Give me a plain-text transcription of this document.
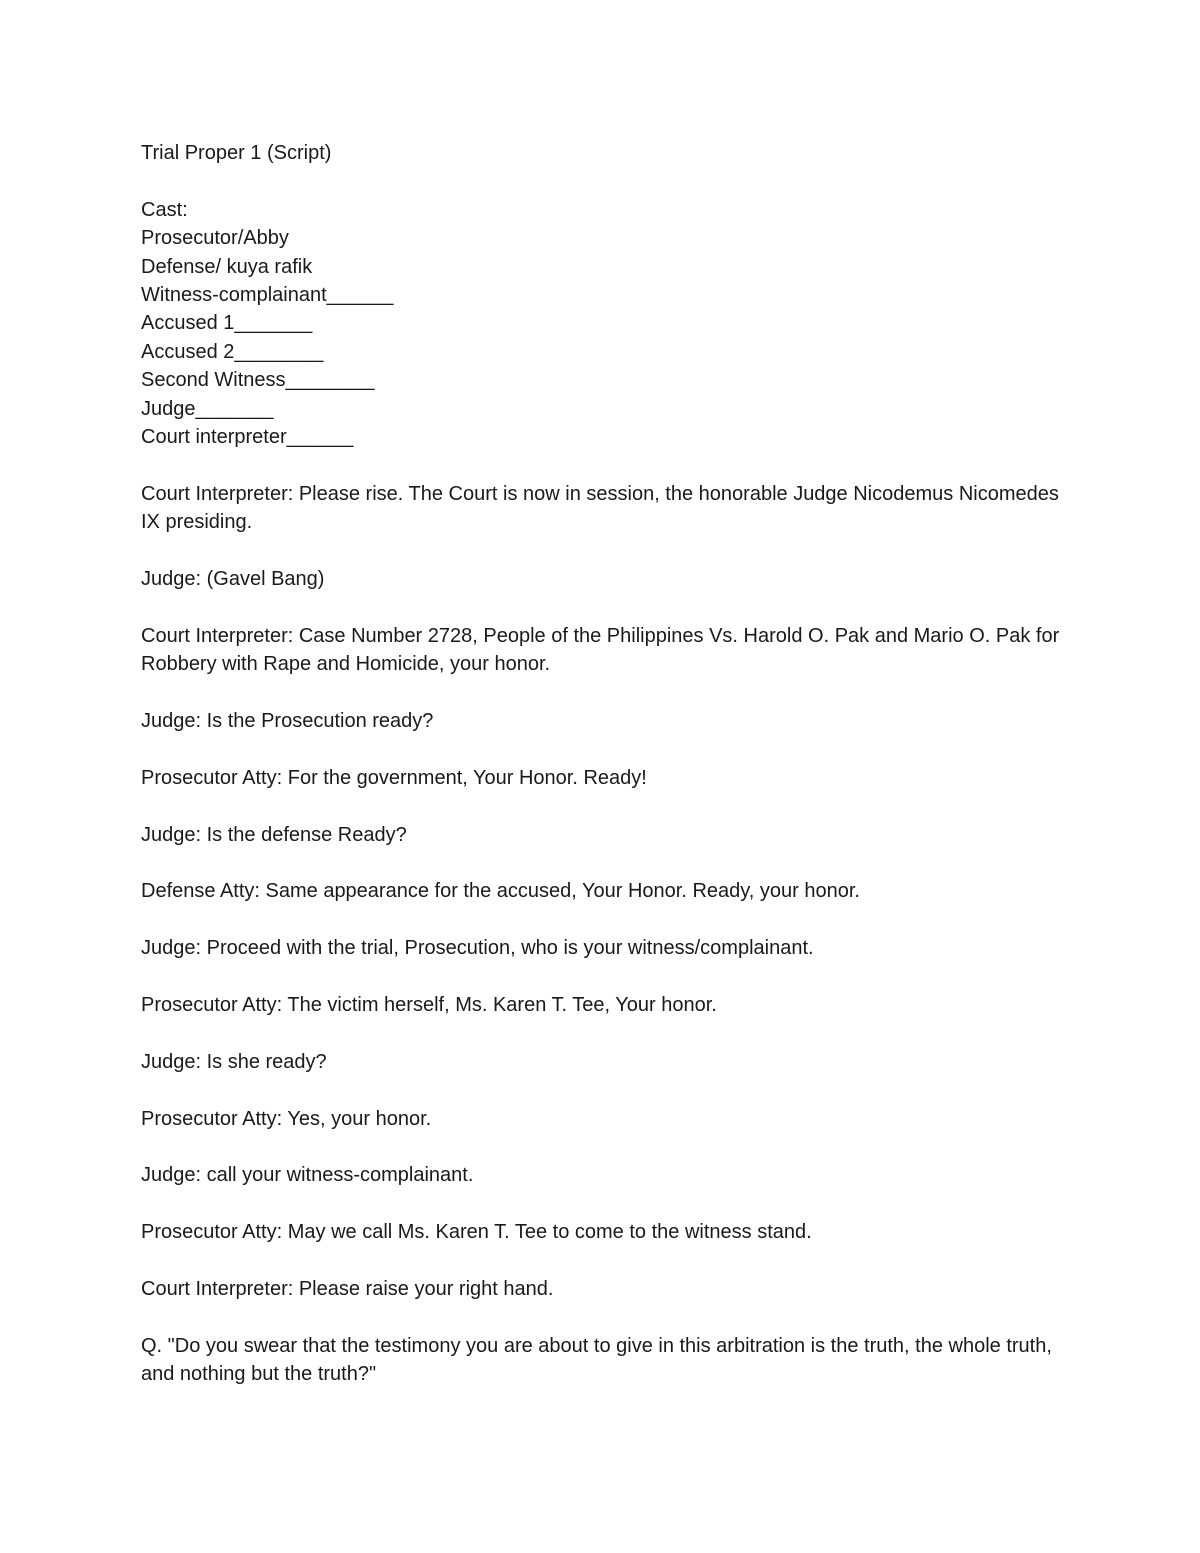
Trial Proper 1 (Script)

Cast:

Prosecutor/Abby

Defense/ kuya rafik

Witness-complainant______

Accused 1_______

Accused 2________

Second Witness________

Judge_______

Court interpreter______

Court Interpreter: Please rise. The Court is now in session, the honorable Judge Nicodemus Nicomedes IX presiding.

Judge: (Gavel Bang)

Court Interpreter: Case Number 2728, People of the Philippines Vs. Harold O. Pak and Mario O. Pak for Robbery with Rape and Homicide, your honor.

Judge: Is the Prosecution ready?

Prosecutor Atty: For the government, Your Honor. Ready!

Judge: Is the defense Ready?

Defense Atty: Same appearance for the accused, Your Honor. Ready, your honor.

Judge: Proceed with the trial, Prosecution, who is your witness/complainant.

Prosecutor Atty: The victim herself, Ms. Karen T. Tee, Your honor.

Judge: Is she ready?

Prosecutor Atty: Yes, your honor.

Judge: call your witness-complainant.

Prosecutor Atty: May we call Ms. Karen T. Tee to come to the witness stand.

Court Interpreter: Please raise your right hand.

Q. "Do you swear that the testimony you are about to give in this arbitration is the truth, the whole truth, and nothing but the truth?"
